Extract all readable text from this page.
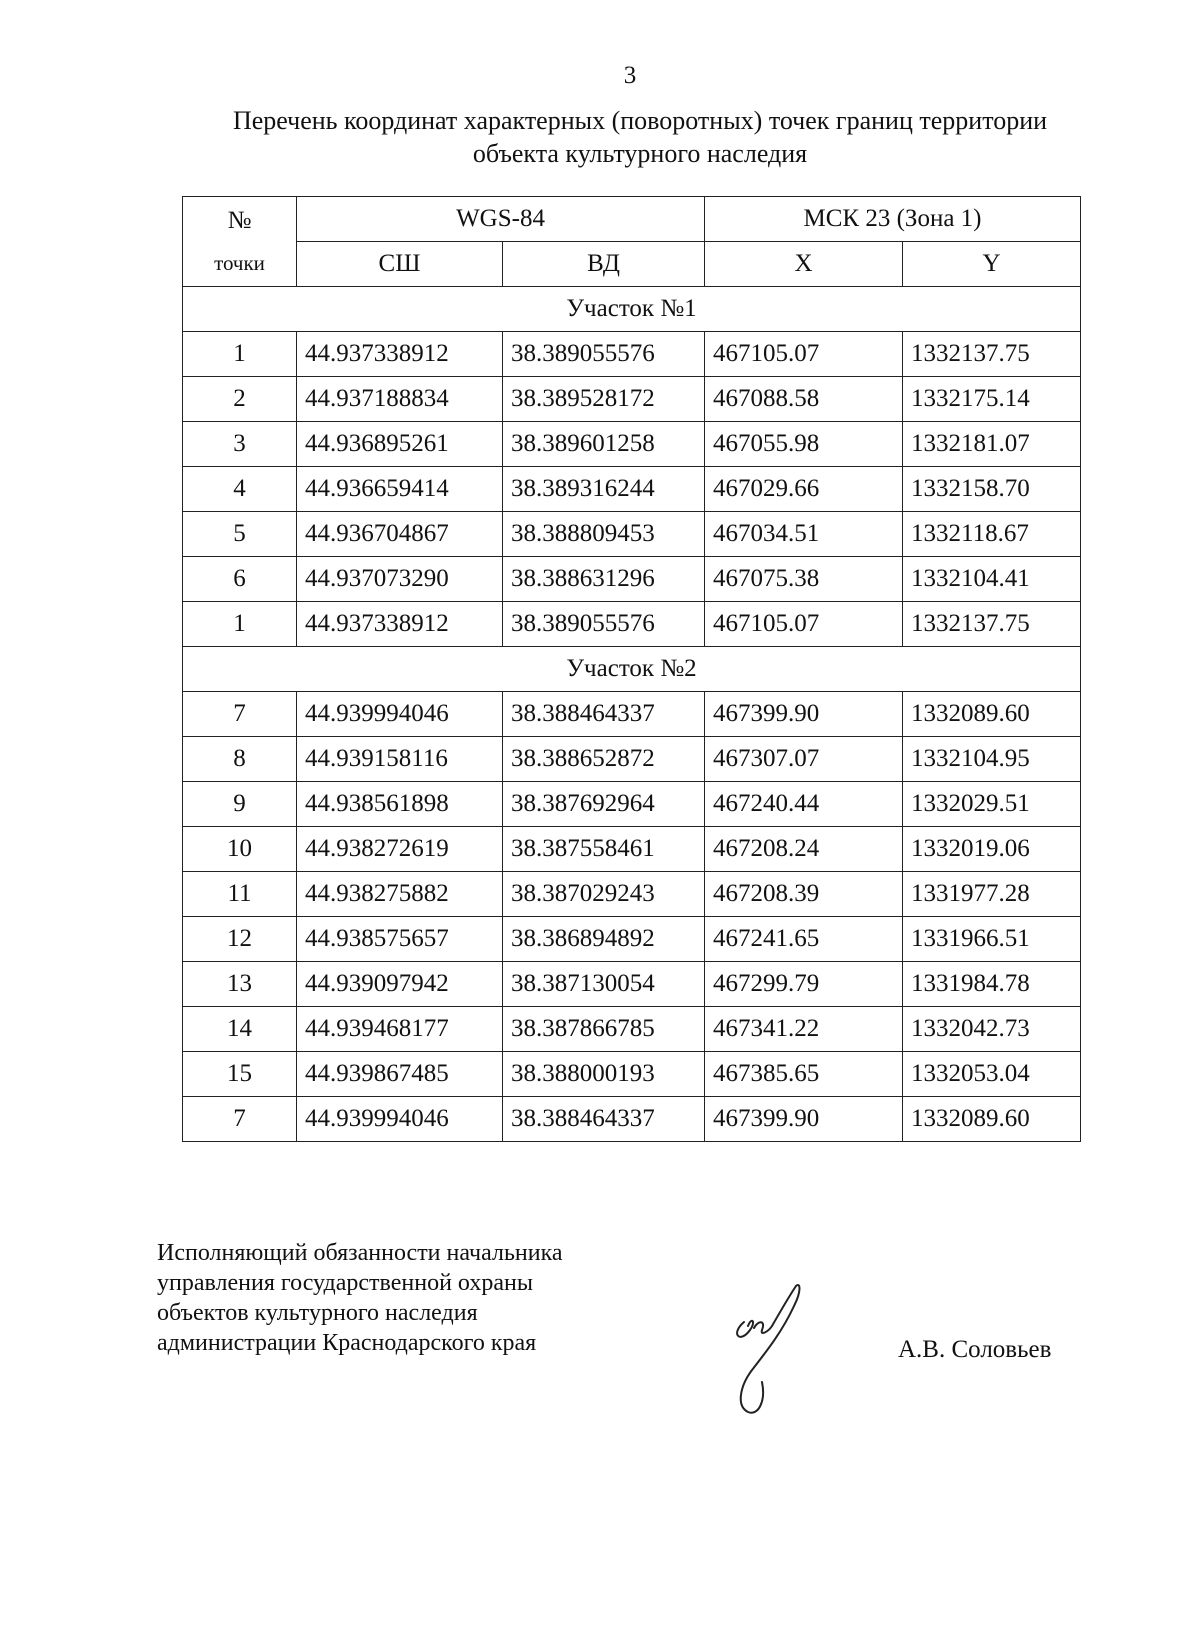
3
Перечень координат характерных (поворотных) точек границ территории
объекта культурного наследия
№
точки	WGS-84		МСК 23 (Зона 1)	
	СШ	ВД	X	Y
Участок №1				
1	44.937338912	38.389055576	467105.07	1332137.75
2	44.937188834	38.389528172	467088.58	1332175.14
3	44.936895261	38.389601258	467055.98	1332181.07
4	44.936659414	38.389316244	467029.66	1332158.70
5	44.936704867	38.388809453	467034.51	1332118.67
6	44.937073290	38.388631296	467075.38	1332104.41
1	44.937338912	38.389055576	467105.07	1332137.75
Участок №2				
7	44.939994046	38.388464337	467399.90	1332089.60
8	44.939158116	38.388652872	467307.07	1332104.95
9	44.938561898	38.387692964	467240.44	1332029.51
10	44.938272619	38.387558461	467208.24	1332019.06
11	44.938275882	38.387029243	467208.39	1331977.28
12	44.938575657	38.386894892	467241.65	1331966.51
13	44.939097942	38.387130054	467299.79	1331984.78
14	44.939468177	38.387866785	467341.22	1332042.73
15	44.939867485	38.388000193	467385.65	1332053.04
7	44.939994046	38.388464337	467399.90	1332089.60
Исполняющий обязанности начальника
управления государственной охраны
объектов культурного наследия
администрации Краснодарского края	А.В. Соловьев
